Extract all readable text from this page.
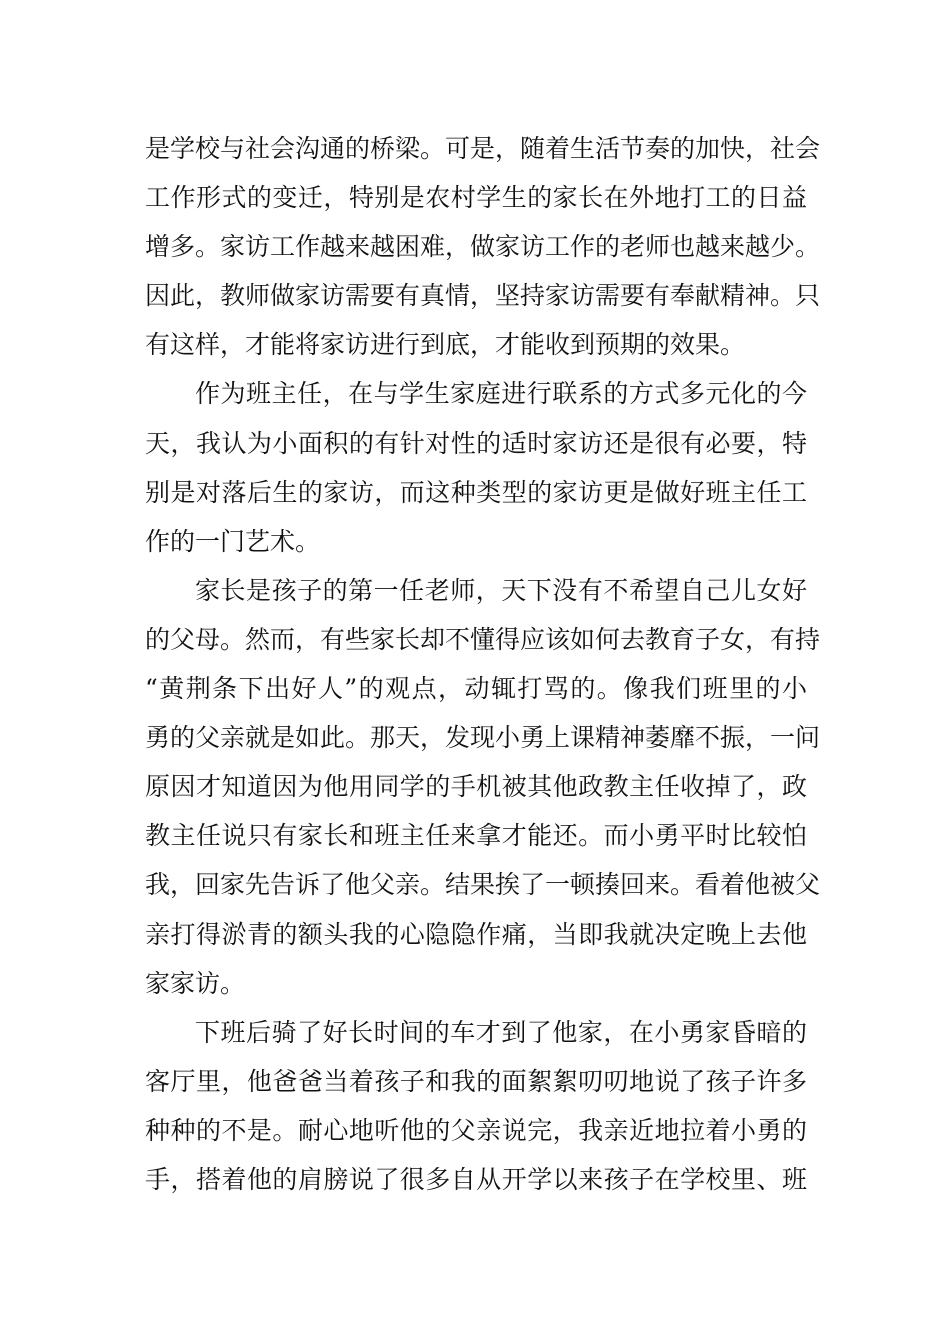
是学校与社会沟通的桥梁。可是，随着生活节奏的加快，社会
工作形式的变迁，特别是农村学生的家长在外地打工的日益
增多。家访工作越来越困难，做家访工作的老师也越来越少。
因此，教师做家访需要有真情，坚持家访需要有奉献精神。只
有这样，才能将家访进行到底，才能收到预期的效果。
作为班主任，在与学生家庭进行联系的方式多元化的今
天，我认为小面积的有针对性的适时家访还是很有必要，特
别是对落后生的家访，而这种类型的家访更是做好班主任工
作的一门艺术。
家长是孩子的第一任老师，天下没有不希望自己儿女好
的父母。然而，有些家长却不懂得应该如何去教育子女，有持
“黄荆条下出好人”的观点，动辄打骂的。像我们班里的小
勇的父亲就是如此。那天，发现小勇上课精神萎靡不振，一问
原因才知道因为他用同学的手机被其他政教主任收掉了，政
教主任说只有家长和班主任来拿才能还。而小勇平时比较怕
我，回家先告诉了他父亲。结果挨了一顿揍回来。看着他被父
亲打得淤青的额头我的心隐隐作痛，当即我就决定晚上去他
家家访。
下班后骑了好长时间的车才到了他家，在小勇家昏暗的
客厅里，他爸爸当着孩子和我的面絮絮叨叨地说了孩子许多
种种的不是。耐心地听他的父亲说完，我亲近地拉着小勇的
手，搭着他的肩膀说了很多自从开学以来孩子在学校里、班
